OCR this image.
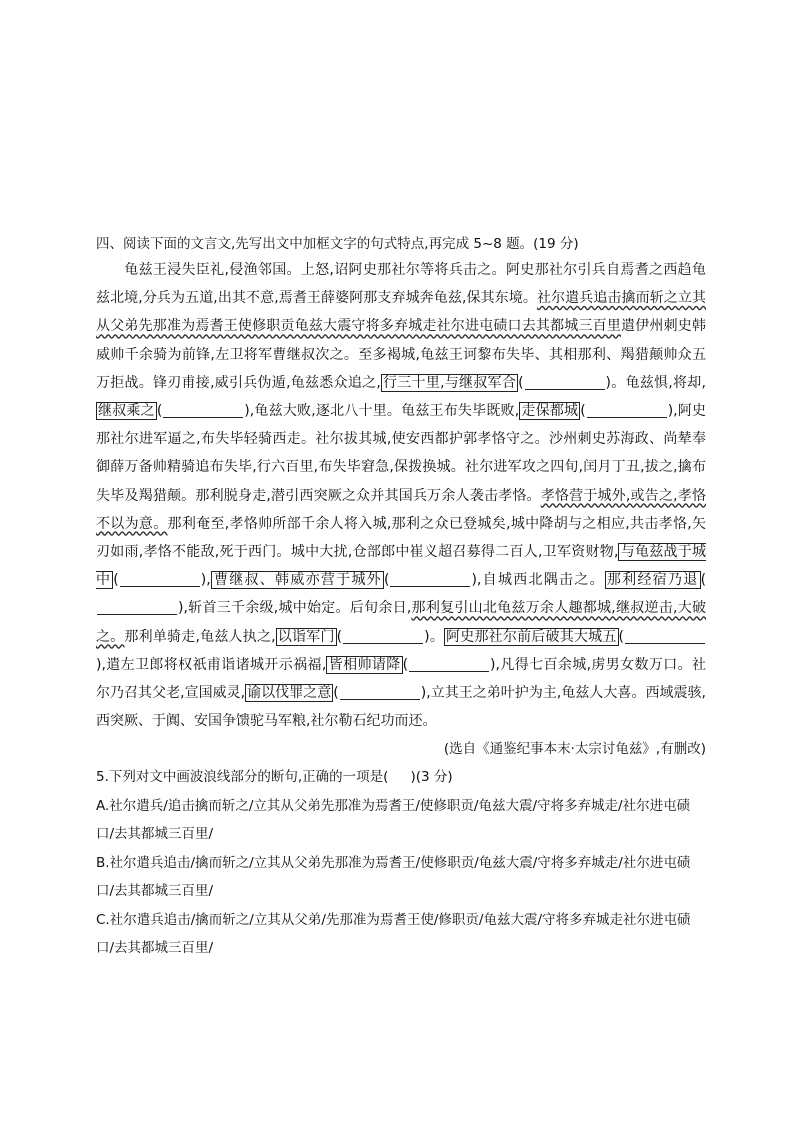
四、阅读下面的文言文,先写出文中加框文字的句式特点,再完成 5~8 题。(19 分)

龟兹王浸失臣礼,侵渔邻国。上怒,诏阿史那社尔等将兵击之。阿史那社尔引兵自焉耆之西趋龟兹北境,分兵为五道,出其不意,焉耆王薛婆阿那支弃城奔龟兹,保其东境。社尔遣兵追击擒而斩之立其从父弟先那准为焉耆王使修职贡龟兹大震守将多弃城走社尔进屯碛口去其都城三百里遣伊州刺史韩威帅千余骑为前锋,左卫将军曹继叔次之。至多褐城,龟兹王诃黎布失毕、其相那利、羯猎颠帅众五万拒战。锋刃甫接,威引兵伪遁,龟兹悉众追之, 行三十里,与继叔军合 (	)。龟兹惧,将却,继叔乘之 (	),龟兹大败,逐北八十里。龟兹王布失毕既败, 走保都城 (	),阿史那社尔进军逼之,布失毕轻骑西走。社尔拔其城,使安西都护郭孝恪守之。沙州刺史苏海政、尚辇奉御薛万备帅精骑追布失毕,行六百里,布失毕窘急,保拨换城。社尔进军攻之四旬,闰月丁丑,拔之,擒布失毕及羯猎颠。那利脱身走,潜引西突厥之众并其国兵万余人袭击孝恪。孝恪营于城外,或告之,孝恪不以为意。那利奄至,孝恪帅所部千余人将入城,那利之众已登城矣,城中降胡与之相应,共击孝恪,矢刃如雨,孝恪不能敌,死于西门。城中大扰,仓部郎中崔义超召募得二百人,卫军资财物, 与龟兹战于城中 (	), 曹继叔、韩威亦营于城外 (	),自城西北隅击之。 那利经宿乃退 (),斩首三千余级,城中始定。后旬余日,那利复引山北龟兹万余人趣都城,继叔逆击,大破之。那利单骑走,龟兹人执之, 以诣军门 (	)。 阿史那社尔前后破其大城五 (),遣左卫郎将权祇甫诣诸城开示祸福, 皆相帅请降 (	),凡得七百余城,虏男女数万口。社尔乃召其父老,宣国威灵, 谕以伐罪之意 (	),立其王之弟叶护为主,龟兹人大喜。西域震骇,西突厥、于阗、安国争馈驼马军粮,社尔勒石纪功而还。

(选自《通鉴纪事本末·太宗讨龟兹》,有删改)

5.下列对文中画波浪线部分的断句,正确的一项是( )(3 分)

A.社尔遣兵/追击擒而斩之/立其从父弟先那准为焉耆王/使修职贡/龟兹大震/守将多弃城走/社尔进屯碛口/去其都城三百里/

B.社尔遣兵追击/擒而斩之/立其从父弟先那准为焉耆王/使修职贡/龟兹大震/守将多弃城走/社尔进屯碛口/去其都城三百里/

C.社尔遣兵追击/擒而斩之/立其从父弟/先那准为焉耆王使/修职贡/龟兹大震/守将多弃城走社尔进屯碛口/去其都城三百里/
